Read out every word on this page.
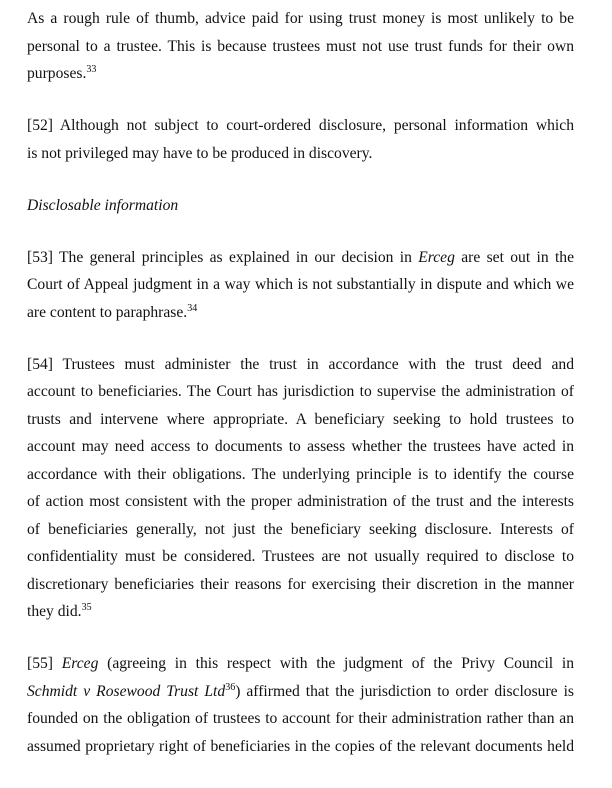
As a rough rule of thumb, advice paid for using trust money is most unlikely to be
personal to a trustee. This is because trustees must not use trust funds for their own
purposes.$^{33}$
[52] Although not subject to court-ordered disclosure, personal information which
is not privileged may have to be produced in discovery.
Disclosable information
[53] The general principles as explained in our decision in Erceg are set out in the
Court of Appeal judgment in a way which is not substantially in dispute and which we
are content to paraphrase.$^{34}$
[54] Trustees must administer the trust in accordance with the trust deed and
account to beneficiaries. The Court has jurisdiction to supervise the administration of
trusts and intervene where appropriate. A beneficiary seeking to hold trustees to
account may need access to documents to assess whether the trustees have acted in
accordance with their obligations. The underlying principle is to identify the course
of action most consistent with the proper administration of the trust and the interests
of beneficiaries generally, not just the beneficiary seeking disclosure. Interests of
confidentiality must be considered. Trustees are not usually required to disclose to
discretionary beneficiaries their reasons for exercising their discretion in the manner
they did.$^{35}$
[55] Erceg (agreeing in this respect with the judgment of the Privy Council in
Schmidt v Rosewood Trust Ltd$^{36}$) affirmed that the jurisdiction to order disclosure is
founded on the obligation of trustees to account for their administration rather than an
assumed proprietary right of beneficiaries in the copies of the relevant documents held
